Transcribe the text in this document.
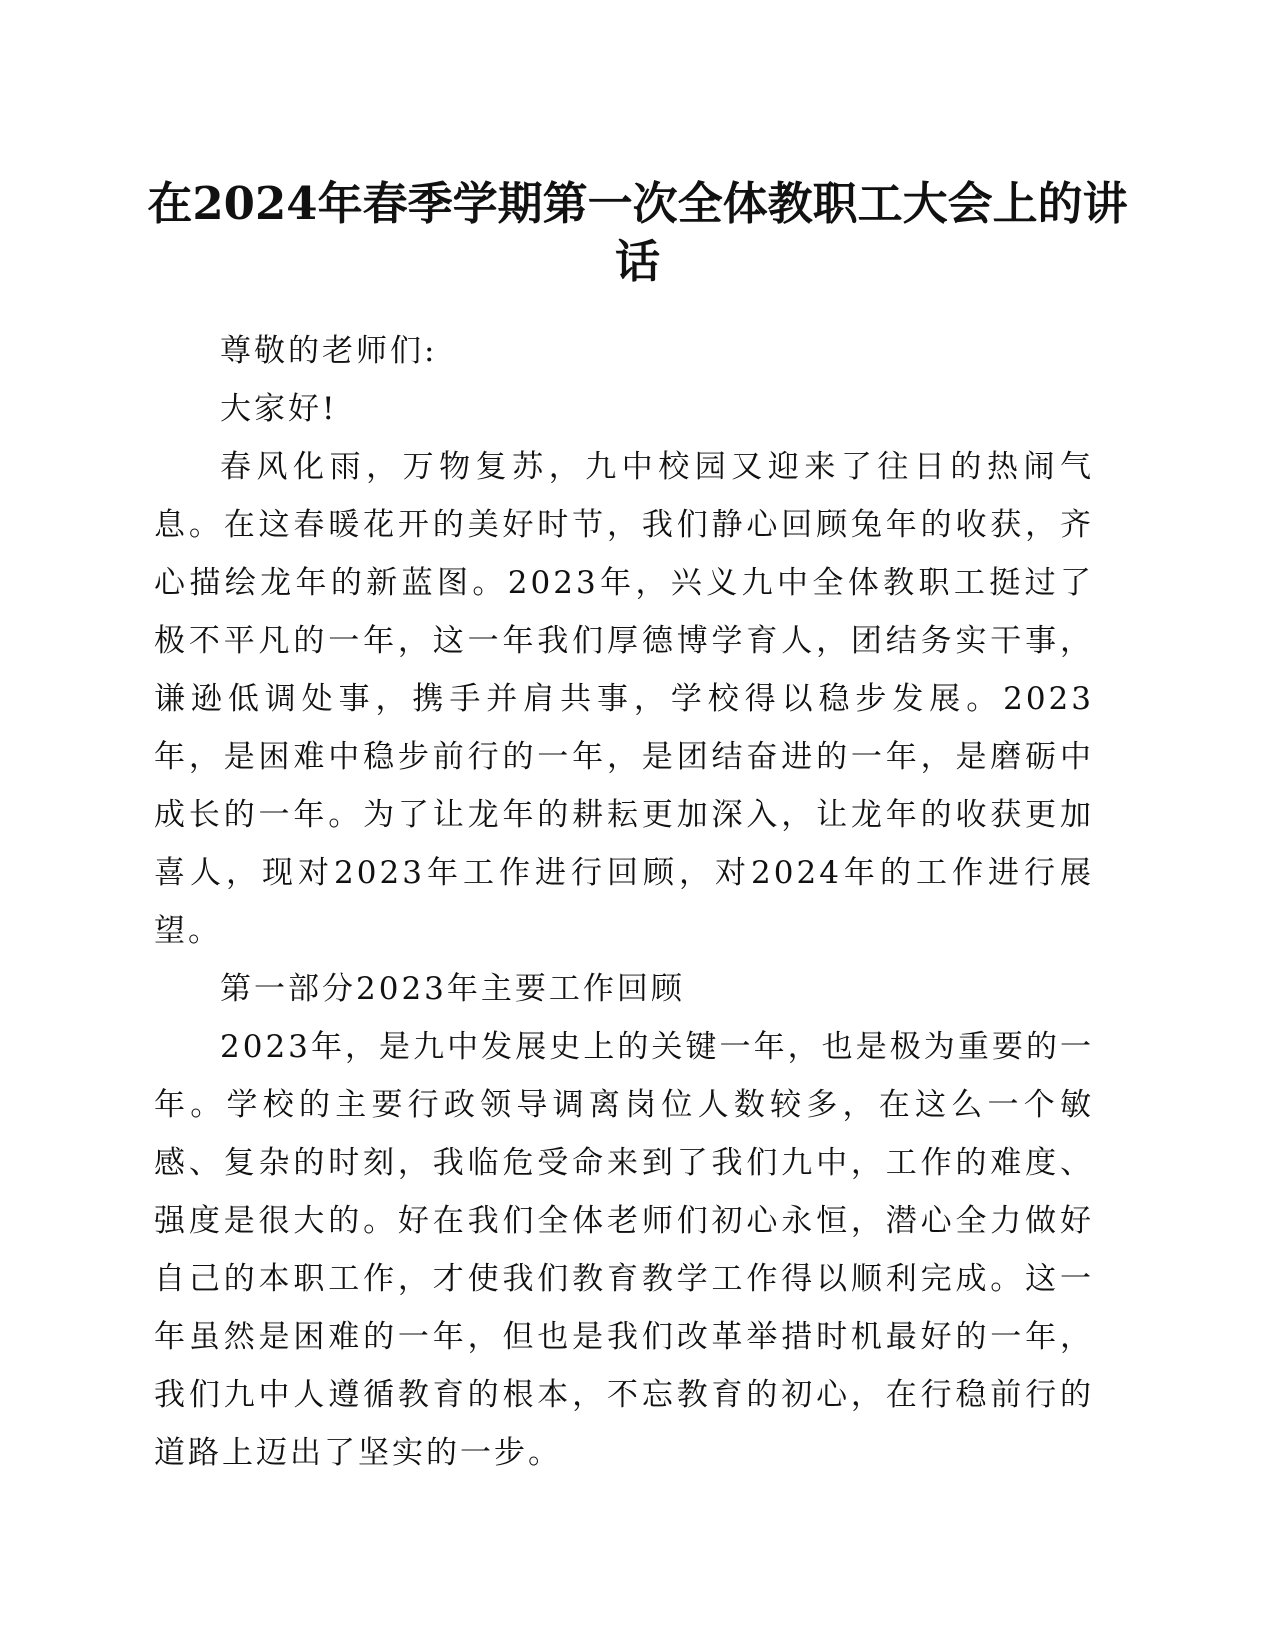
在2024年春季学期第一次全体教职工大会上的讲话

尊敬的老师们:

大家好!

春风化雨，万物复苏，九中校园又迎来了往日的热闹气息。在这春暖花开的美好时节，我们静心回顾兔年的收获，齐心描绘龙年的新蓝图。2023年，兴义九中全体教职工挺过了极不平凡的一年，这一年我们厚德博学育人，团结务实干事，谦逊低调处事，携手并肩共事，学校得以稳步发展。2023年，是困难中稳步前行的一年，是团结奋进的一年，是磨砺中成长的一年。为了让龙年的耕耘更加深入，让龙年的收获更加喜人，现对2023年工作进行回顾，对2024年的工作进行展望。

第一部分2023年主要工作回顾

2023年，是九中发展史上的关键一年，也是极为重要的一年。学校的主要行政领导调离岗位人数较多，在这么一个敏感、复杂的时刻，我临危受命来到了我们九中，工作的难度、强度是很大的。好在我们全体老师们初心永恒，潜心全力做好自己的本职工作，才使我们教育教学工作得以顺利完成。这一年虽然是困难的一年，但也是我们改革举措时机最好的一年，我们九中人遵循教育的根本，不忘教育的初心，在行稳前行的道路上迈出了坚实的一步。
